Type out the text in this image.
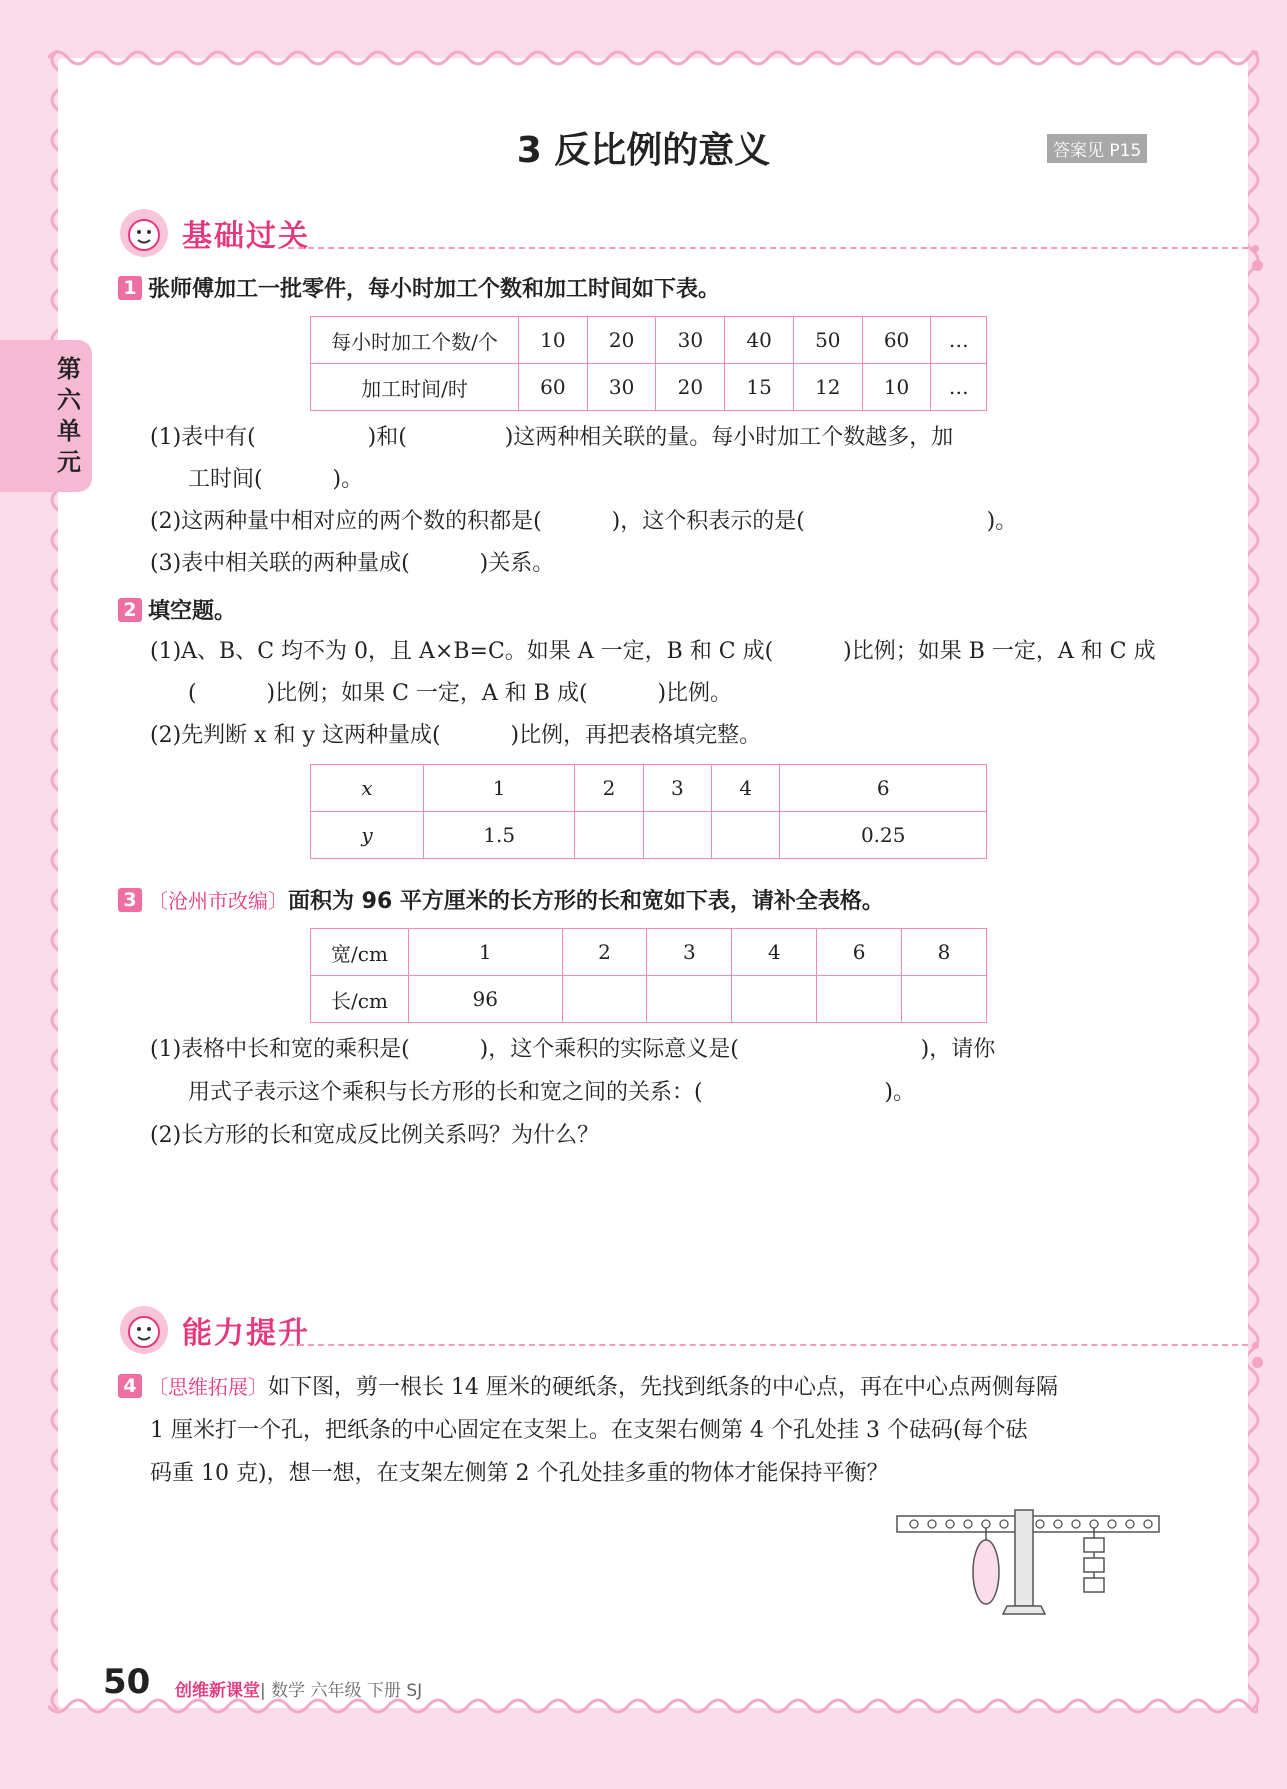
3 反比例的意义	答案见 P15
第六单元
基础过关

1 张师傅加工一批零件，每小时加工个数和加工时间如下表。
每小时加工个数/个	10	20	30	40	50	60	…
加工时间/时	60	30	20	15	12	10	…
(1)表中有(                )和(              )这两种相关联的量。每小时加工个数越多，加
工时间(          )。
(2)这两种量中相对应的两个数的积都是(          )，这个积表示的是(                          )。
(3)表中相关联的两种量成(          )关系。
2 填空题。
(1)A、B、C 均不为 0，且 A×B=C。如果 A 一定，B 和 C 成(          )比例；如果 B 一定，A 和 C 成
(          )比例；如果 C 一定，A 和 B 成(          )比例。
(2)先判断 x 和 y 这两种量成(          )比例，再把表格填完整。
x	1	2	3	4	6
y	1.5				0.25
3 〔沧州市改编〕面积为 96 平方厘米的长方形的长和宽如下表，请补全表格。
宽/cm	1	2	3	4	6	8
长/cm	96					
(1)表格中长和宽的乘积是(          )，这个乘积的实际意义是(                          )，请你
用式子表示这个乘积与长方形的长和宽之间的关系：(                          )。
(2)长方形的长和宽成反比例关系吗？为什么？
能力提升

4 〔思维拓展〕如下图，剪一根长 14 厘米的硬纸条，先找到纸条的中心点，再在中心点两侧每隔
1 厘米打一个孔，把纸条的中心固定在支架上。在支架右侧第 4 个孔处挂 3 个砝码(每个砝
码重 10 克)，想一想，在支架左侧第 2 个孔处挂多重的物体才能保持平衡？
50 创维新课堂| 数学 六年级 下册 SJ
